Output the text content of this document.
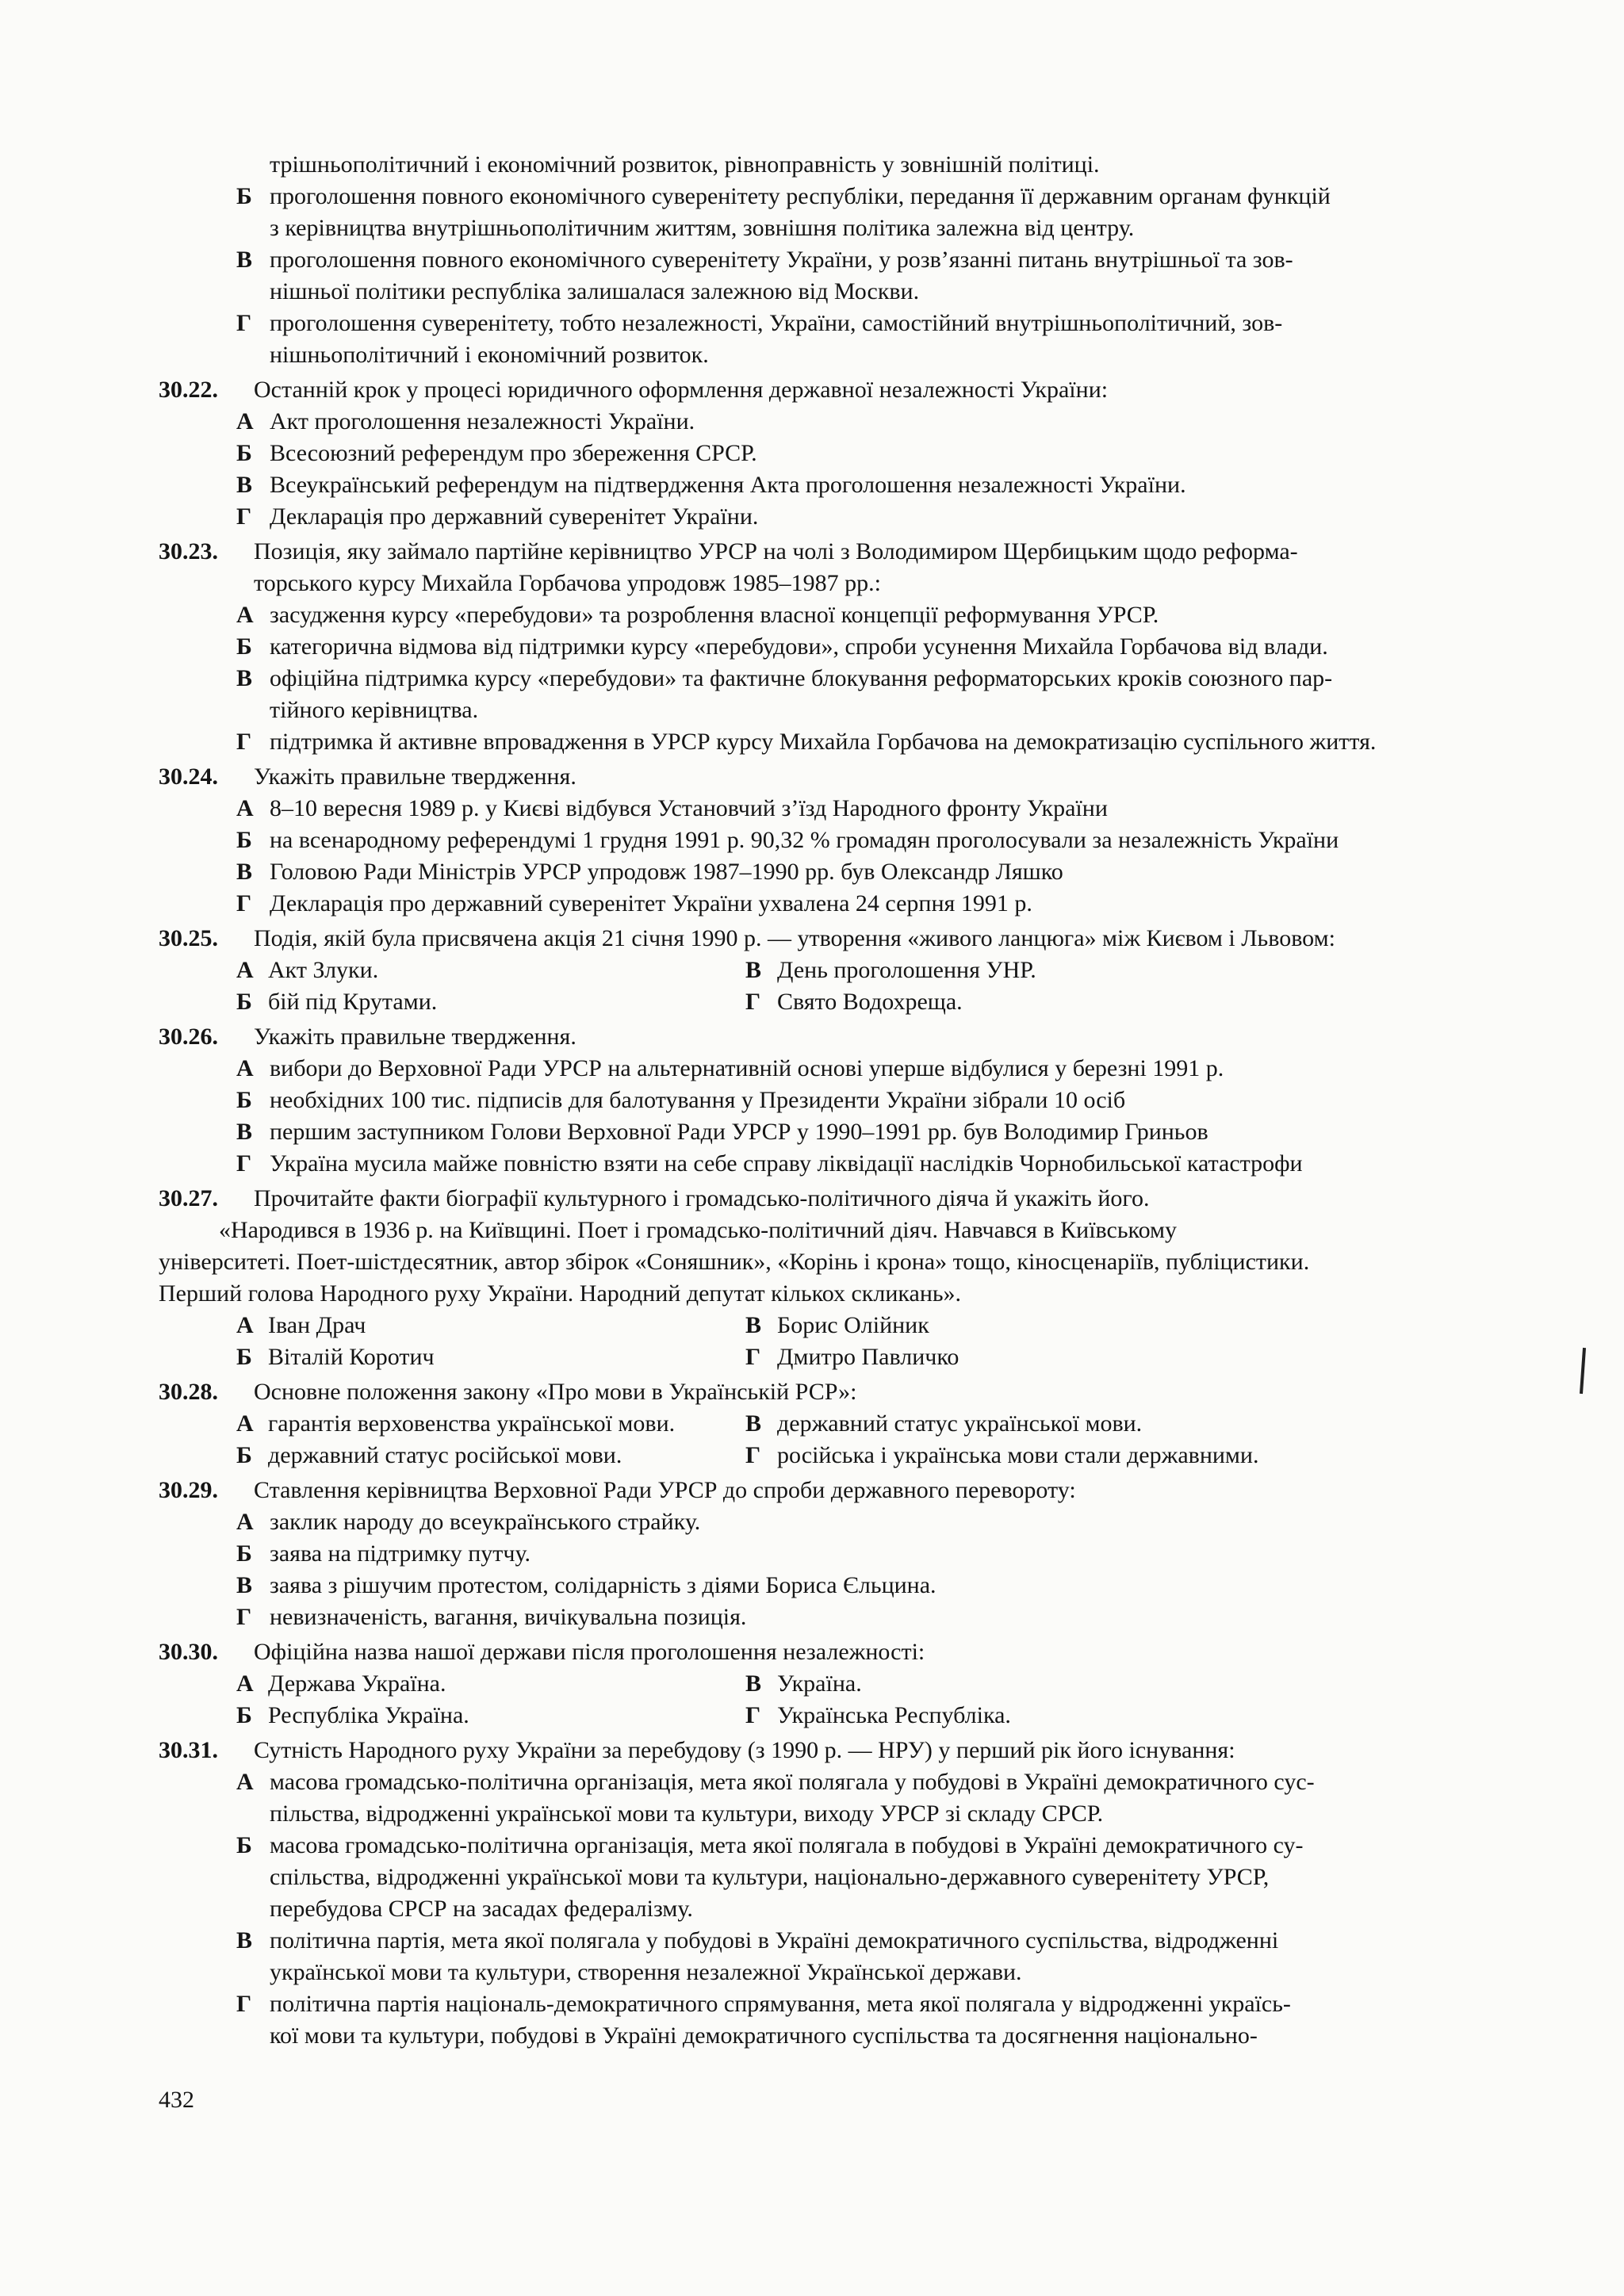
трішньополітичний і економічний розвиток, рівноправність у зовнішній політиці.
Б проголошення повного економічного суверенітету республіки, передання її державним органам функцій
з керівництва внутрішньополітичним життям, зовнішня політика залежна від центру.
В проголошення повного економічного суверенітету України, у розв’язанні питань внутрішньої та зов-
нішньої політики республіка залишалася залежною від Москви.
Г проголошення суверенітету, тобто незалежності, України, самостійний внутрішньополітичний, зов-
нішньополітичний і економічний розвиток.
30.22. Останній крок у процесі юридичного оформлення державної незалежності України:
А Акт проголошення незалежності України.
Б Всесоюзний референдум про збереження СРСР.
В Всеукраїнський референдум на підтвердження Акта проголошення незалежності України.
Г Декларація про державний суверенітет України.
30.23. Позиція, яку займало партійне керівництво УРСР на чолі з Володимиром Щербицьким щодо реформа-
торського курсу Михайла Горбачова упродовж 1985–1987 рр.:
А засудження курсу «перебудови» та розроблення власної концепції реформування УРСР.
Б категорична відмова від підтримки курсу «перебудови», спроби усунення Михайла Горбачова від влади.
В офіційна підтримка курсу «перебудови» та фактичне блокування реформаторських кроків союзного пар-
тійного керівництва.
Г підтримка й активне впровадження в УРСР курсу Михайла Горбачова на демократизацію суспільного життя.
30.24. Укажіть правильне твердження.
А 8–10 вересня 1989 р. у Києві відбувся Установчий з’їзд Народного фронту України
Б на всенародному референдумі 1 грудня 1991 р. 90,32 % громадян проголосували за незалежність України
В Головою Ради Міністрів УРСР упродовж 1987–1990 рр. був Олександр Ляшко
Г Декларація про державний суверенітет України ухвалена 24 серпня 1991 р.
30.25. Подія, якій була присвячена акція 21 січня 1990 р. — утворення «живого ланцюга» між Києвом і Львовом:
А Акт Злуки.	В День проголошення УНР.
Б бій під Крутами.	Г Свято Водохреща.
30.26. Укажіть правильне твердження.
А вибори до Верховної Ради УРСР на альтернативній основі уперше відбулися у березні 1991 р.
Б необхідних 100 тис. підписів для балотування у Президенти України зібрали 10 осіб
В першим заступником Голови Верховної Ради УРСР у 1990–1991 рр. був Володимир Гриньов
Г Україна мусила майже повністю взяти на себе справу ліквідації наслідків Чорнобильської катастрофи
30.27. Прочитайте факти біографії культурного і громадсько-політичного діяча й укажіть його.
«Народився в 1936 р. на Київщині. Поет і громадсько-політичний діяч. Навчався в Київському
університеті. Поет-шістдесятник, автор збірок «Соняшник», «Корінь і крона» тощо, кіносценаріїв, публіцистики.
Перший голова Народного руху України. Народний депутат кількох скликань».
А Іван Драч	В Борис Олійник
Б Віталій Коротич	Г Дмитро Павличко
30.28. Основне положення закону «Про мови в Українській РСР»:
А гарантія верховенства української мови.	В державний статус української мови.
Б державний статус російської мови.	Г російська і українська мови стали державними.
30.29. Ставлення керівництва Верховної Ради УРСР до спроби державного перевороту:
А заклик народу до всеукраїнського страйку.
Б заява на підтримку путчу.
В заява з рішучим протестом, солідарність з діями Бориса Єльцина.
Г невизначеність, вагання, вичікувальна позиція.
30.30. Офіційна назва нашої держави після проголошення незалежності:
А Держава Україна.	В Україна.
Б Республіка Україна.	Г Українська Республіка.
30.31. Сутність Народного руху України за перебудову (з 1990 р. — НРУ) у перший рік його існування:
А масова громадсько-політична організація, мета якої полягала у побудові в Україні демократичного сус-
пільства, відродженні української мови та культури, виходу УРСР зі складу СРСР.
Б масова громадсько-політична організація, мета якої полягала в побудові в Україні демократичного су-
спільства, відродженні української мови та культури, національно-державного суверенітету УРСР,
перебудова СРСР на засадах федералізму.
В політична партія, мета якої полягала у побудові в Україні демократичного суспільства, відродженні
української мови та культури, створення незалежної Української держави.
Г політична партія національ-демократичного спрямування, мета якої полягала у відродженні україсь-
кої мови та культури, побудові в Україні демократичного суспільства та досягнення національно-
432
